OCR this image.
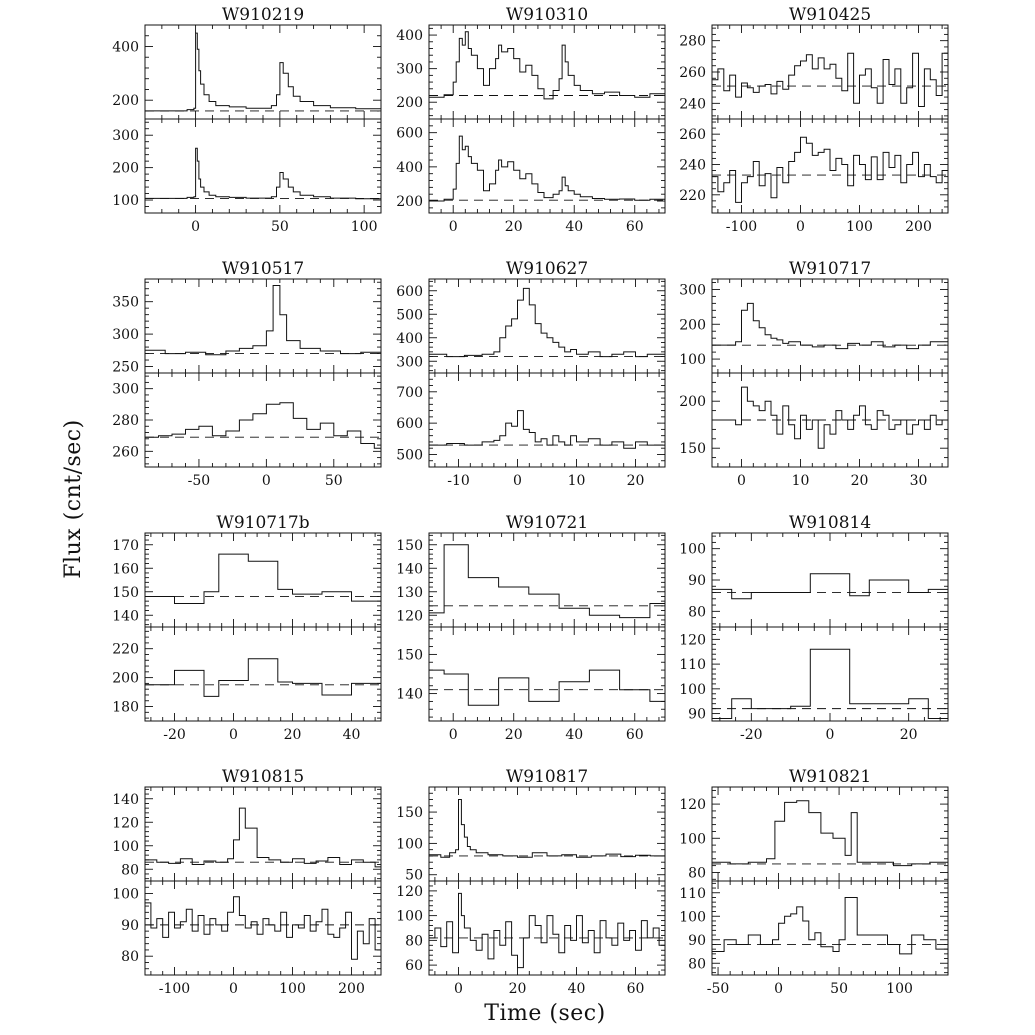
W910219
200
400
100
200
300
0	50	100
W910310
200
300
400
200
400
600
0	20	40	60
W910425
240
260
280
220
240
260
-100	0	100 200
W910517
250
300
350
260
280
300
-50	0	50
W910627
300
400
500
600
500
600
700
-10	0	10	20
W910717
100
200
300
150
200
0	10	20	30
W910717b
140
150
160
170
180
200
220
-20	0	20	40
W910721
120
130
140
150
140
150
0	20	40	60
W910814
80
90
100
90
100
110
120
-20	0	20
W910815
80
100
120
140
80
90
100
-100	0	100 200
W910817
50
100
150
60
80
100
120
0	20	40	60
W910821
80
100
120
80
90
100
110
-50	0	50	100
Flux (cnt/sec)
Time (sec)
